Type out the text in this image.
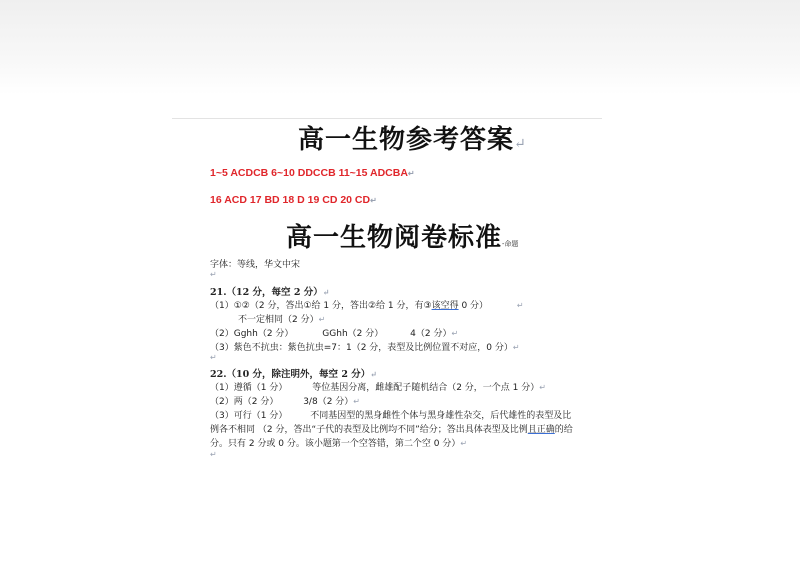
高一生物参考答案↵
1~5 ACDCB 6~10 DDCCB 11~15 ADCBA↵
16 ACD 17 BD 18 D 19 CD 20 CD↵
高一生物阅卷标准-命题
字体：等线，华文中宋
↵
21.（12 分，每空 2 分）↵
（1）①②（2 分，答出①给 1 分，答出②给 1 分，有③该空得 0 分）	↵
不一定相同（2 分）↵
（2）Gghh（2 分）	GGhh（2 分）	4（2 分）↵
（3）紫色不抗虫：紫色抗虫=7：1（2 分，表型及比例位置不对应，0 分）↵
↵
22.（10 分，除注明外，每空 2 分）↵
（1）遵循（1 分）	等位基因分离，雌雄配子随机结合（2 分，一个点 1 分）↵
（2）两（2 分）	3/8（2 分）↵
（3）可行（1 分）	不同基因型的黑身雌性个体与黑身雄性杂交，后代雄性的表型及比
例各不相同 （2 分，答出“子代的表型及比例均不同”给分；答出具体表型及比例且正确的给
分。只有 2 分或 0 分。该小题第一个空答错，第二个空 0 分）↵
↵
